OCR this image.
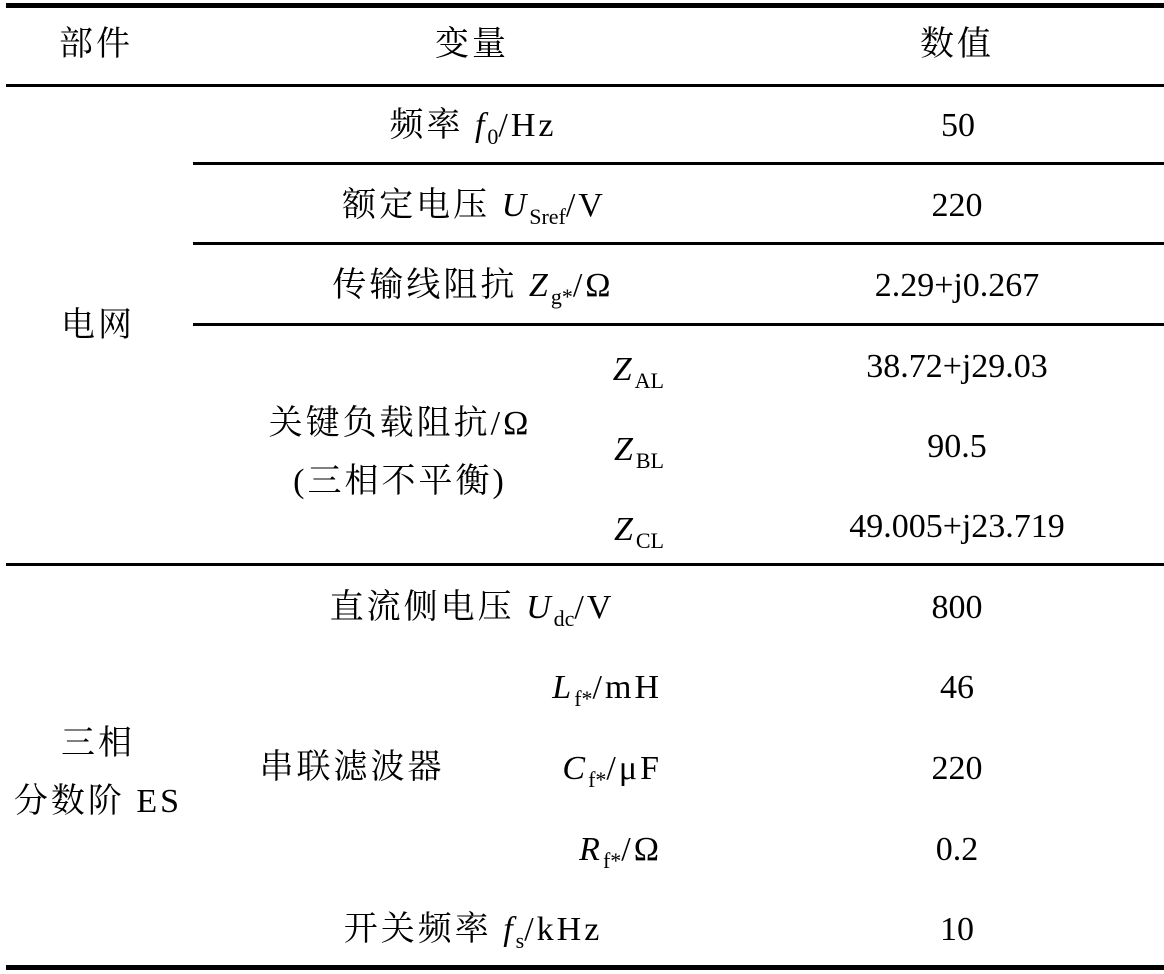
部件	变量	数值
电网
频率 $f_0/Hz$	50
额定电压 $U_{Sref}/V$	220
传输线阻抗 $Z_{g*}/\Omega$	2.29+j0.267
关键负载阻抗/Ω
(三相不平衡)
$Z_{AL}$	38.72+j29.03
$Z_{BL}$	90.5
$Z_{CL}$	49.005+j23.719
三相
分数阶 ES
直流侧电压 $U_{dc}/V$	800
串联滤波器
$L_{f*}/mH$	46
$C_{f*}/\mu F$	220
$R_{f*}/\Omega$	0.2
开关频率 $f_s$/kHz	10
